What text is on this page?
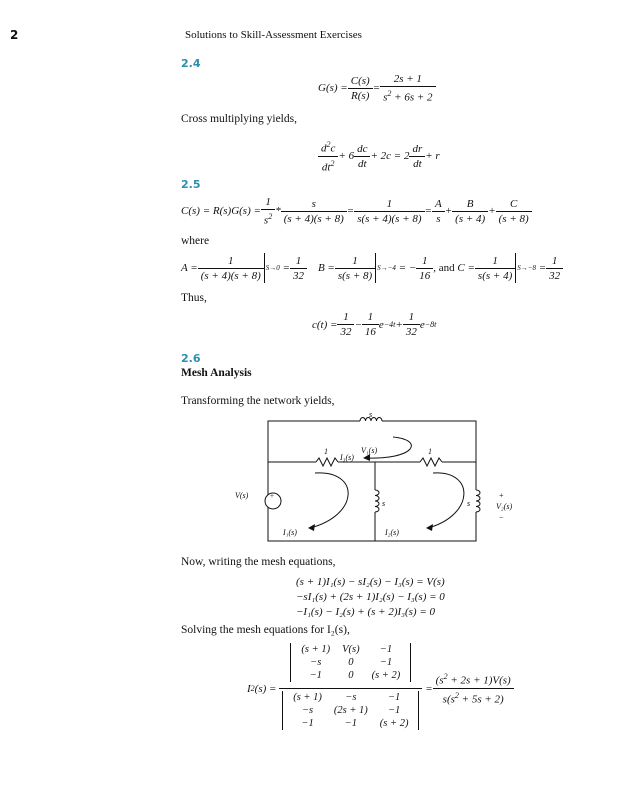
2	Solutions to Skill-Assessment Exercises
2.4
$G(s) = \frac{C(s)}{R(s)} = \frac{2s + 1}{s^2 + 6s + 2}$
Cross multiplying yields,
$\frac{d^2c}{dt^2} + 6 \frac{dc}{dt} + 2c = 2 \frac{dr}{dt} + r$
2.5
$C(s) = R(s)G(s) = \frac{1}{s^2} * \frac{s}{(s + 4)(s + 8)} = \frac{1}{s(s + 4)(s + 8)} = \frac{A}{s} + \frac{B}{(s + 4)} + \frac{C}{(s + 8)}$
where
$A = \frac{1}{(s + 4)(s + 8)} S\to 0 = \frac{1}{32}$ $B = \frac{1}{s(s + 8)} S\to-4$ = − $\frac{1}{16}$ , and $C = \frac{1}{s(s + 4)} S\to-8 = \frac{1}{32}$
Thus,
$c(t) = \frac{1}{32} - \frac{1}{16}$ $e -4t + \frac{1}{32}$ e −8t
2.6
Mesh Analysis
Transforming the network yields,
s
1	1
V₁(s)
I₃(s)
V(s)
s	s
I₁(s)	I₂(s)
V₂(s)
+
−
+
Now, writing the mesh equations,
(s + 1)I₁(s) − sI₂(s) − I₃(s) = V(s)
−sI₁(s) + (2s + 1)I₂(s) − I₃(s) = 0
−I₁(s) − I₂(s) + (s + 2)I₃(s) = 0
Solving the mesh equations for I₂(s),
I 2 (s) = (s + 1)	V(s)	−1
−s	0	−1
−1	0	(s + 2)
(s + 1)	−s	−1
−s	(2s + 1)	−1
−1	−1	$(s + 2) = \frac{(s^2 + 2s + 1)V(s)}{s(s^2 + 5s + 2)}$
